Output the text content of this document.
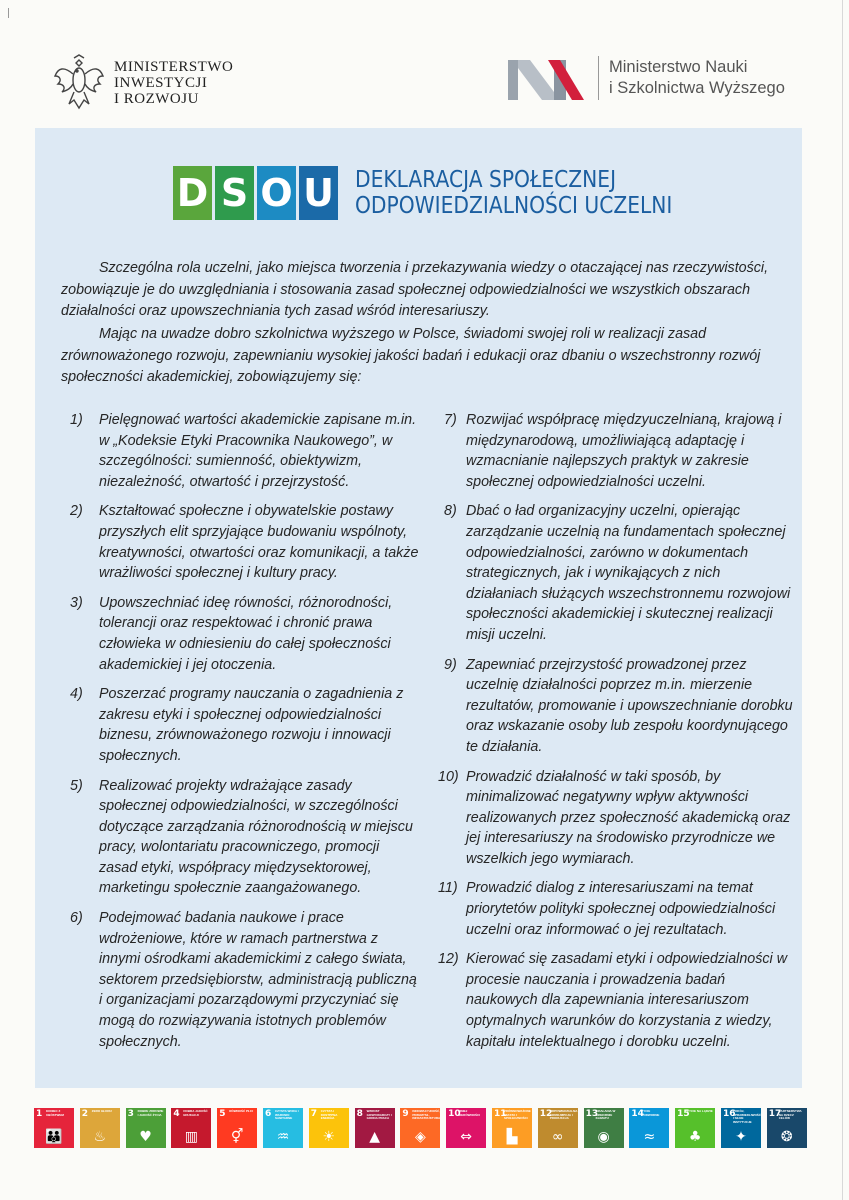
MINISTERSTWO
INWESTYCJI
I ROZWOJU
Ministerstwo Nauki
i Szkolnictwa Wyższego
D S O U DEKLARACJA SPOŁECZNEJ
ODPOWIEDZIALNOŚCI UCZELNI

Szczególna rola uczelni, jako miejsca tworzenia i przekazywania wiedzy o otaczającej nas rzeczywistości, zobowiązuje je do uwzględniania i stosowania zasad społecznej odpowiedzialności we wszystkich obszarach działalności oraz upowszechniania tych zasad wśród interesariuszy.

Mając na uwadze dobro szkolnictwa wyższego w Polsce, świadomi swojej roli w realizacji zasad zrównoważonego rozwoju, zapewnianiu wysokiej jakości badań i edukacji oraz dbaniu o wszechstronny rozwój społeczności akademickiej, zobowiązujemy się:

1) Pielęgnować wartości akademickie zapisane m.in. w „Kodeksie Etyki Pracownika Naukowego”, w szczególności: sumienność, obiektywizm, niezależność, otwartość i przejrzystość.
2) Kształtować społeczne i obywatelskie postawy przyszłych elit sprzyjające budowaniu wspólnoty, kreatywności, otwartości oraz komunikacji, a także wrażliwości społecznej i kultury pracy.
3) Upowszechniać ideę równości, różnorodności, tolerancji oraz respektować i chronić prawa człowieka w odniesieniu do całej społeczności akademickiej i jej otoczenia.
4) Poszerzać programy nauczania o zagadnienia z zakresu etyki i społecznej odpowiedzialności biznesu, zrównoważonego rozwoju i innowacji społecznych.
5) Realizować projekty wdrażające zasady społecznej odpowiedzialności, w szczególności dotyczące zarządzania różnorodnością w miejscu pracy, wolontariatu pracowniczego, promocji zasad etyki, współpracy międzysektorowej, marketingu społecznie zaangażowanego.
6) Podejmować badania naukowe i prace wdrożeniowe, które w ramach partnerstwa z innymi ośrodkami akademickimi z całego świata, sektorem przedsiębiorstw, administracją publiczną i organizacjami pozarządowymi przyczyniać się mogą do rozwiązywania istotnych problemów społecznych.
7) Rozwijać współpracę międzyuczelnianą, krajową i międzynarodową, umożliwiającą adaptację i wzmacnianie najlepszych praktyk w zakresie społecznej odpowiedzialności uczelni.
8) Dbać o ład organizacyjny uczelni, opierając zarządzanie uczelnią na fundamentach społecznej odpowiedzialności, zarówno w dokumentach strategicznych, jak i wynikających z nich działaniach służących wszechstronnemu rozwojowi społeczności akademickiej i skutecznej realizacji misji uczelni.
9) Zapewniać przejrzystość prowadzonej przez uczelnię działalności poprzez m.in. mierzenie rezultatów, promowanie i upowszechnianie dorobku oraz wskazanie osoby lub zespołu koordynującego te działania.
10) Prowadzić działalność w taki sposób, by minimalizować negatywny wpływ aktywności realizowanych przez społeczność akademicką oraz jej interesariuszy na środowisko przyrodnicze we wszelkich jego wymiarach.
11) Prowadzić dialog z interesariuszami na temat priorytetów polityki społecznej odpowiedzialności uczelni oraz informować o jej rezultatach.
12) Kierować się zasadami etyki i odpowiedzialności w procesie nauczania i prowadzenia badań naukowych dla zapewniania interesariuszom optymalnych warunków do korzystania z wiedzy, kapitału intelektualnego i dorobku uczelni.
1 KONIEC Z UBÓSTWEM
👪
2 ZERO GŁODU
♨
3 DOBRE ZDROWIE I JAKOŚĆ ŻYCIA
♥
4 DOBRA JAKOŚĆ EDUKACJI
▥
5 RÓWNOŚĆ PŁCI
⚥
6 CZYSTA WODA I WARUNKI SANITARNE
♒
7 CZYSTA I DOSTĘPNA ENERGIA
☀
8 WZROST GOSPODARCZY I GODNA PRACA
▲
9 INNOWACYJNOŚĆ, PRZEMYSŁ, INFRASTRUKTURA
◈
10
MNIEJ NIERÓWNOŚCI
⇔
11
ZRÓWNOWAŻONE MIASTA I SPOŁECZNOŚCI
▙
12
ODPOWIEDZIALNA KONSUMPCJA I PRODUKCJA
∞
13
DZIAŁANIA W DZIEDZINIE KLIMATU
◉
14
ŻYCIE PODWODNE
≈
15
ŻYCIE NA LĄDZIE
♣
16
POKÓJ, SPRAWIEDLIWOŚĆ I SILNE INSTYTUCJE
✦
17
PARTNERSTWA NA RZECZ CELÓW
❂
